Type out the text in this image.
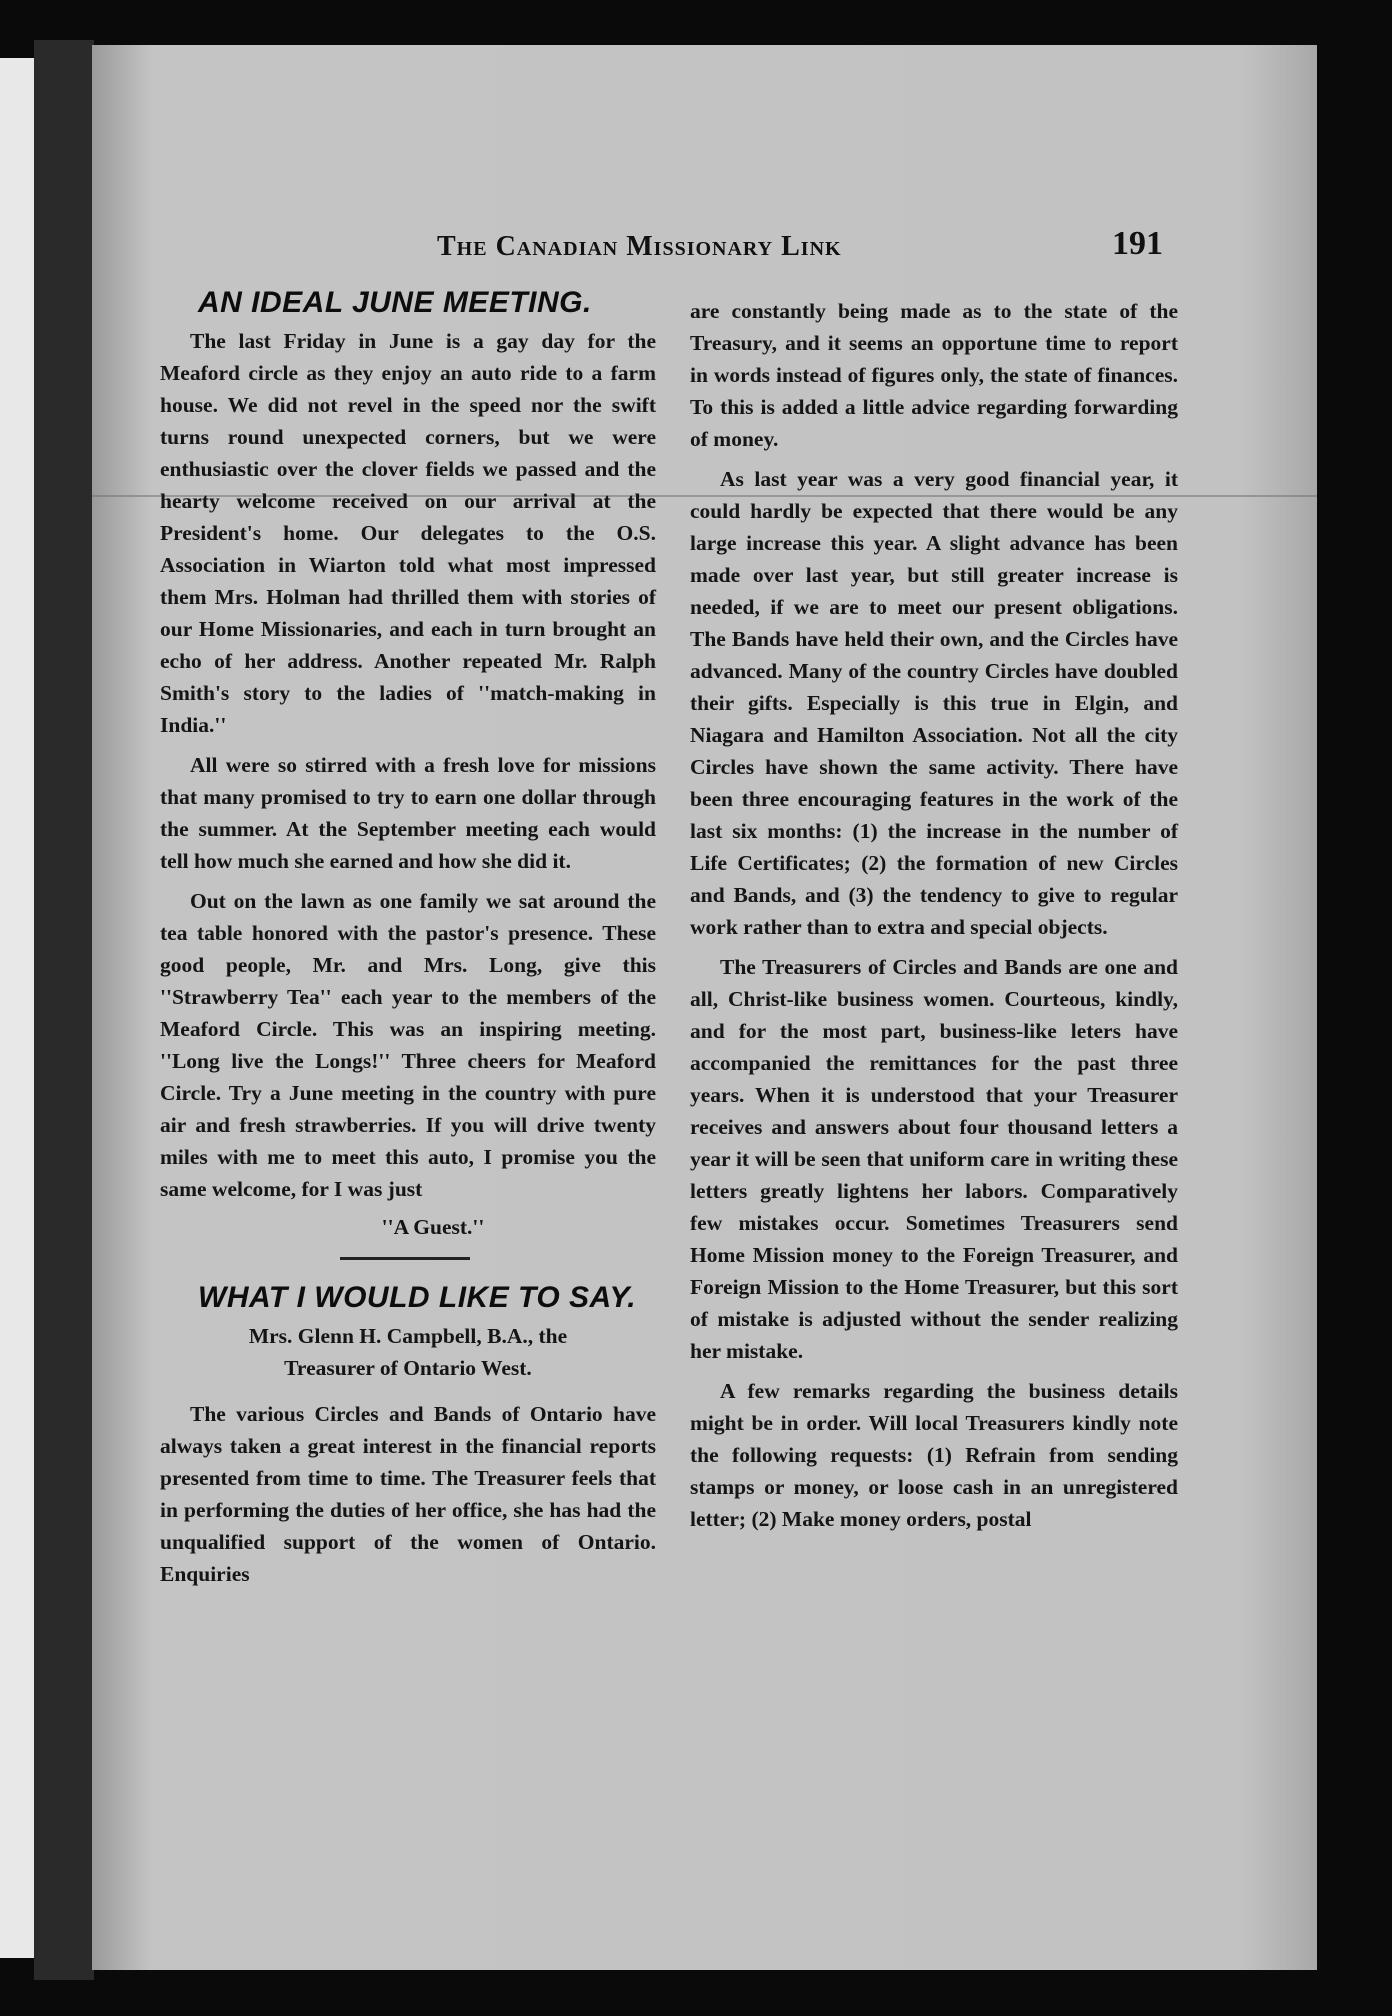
The Canadian Missionary Link	191
AN IDEAL JUNE MEETING.

The last Friday in June is a gay day for the Meaford circle as they enjoy an auto ride to a farm house. We did not revel in the speed nor the swift turns round unexpected corners, but we were enthusiastic over the clover fields we passed and the hearty welcome received on our arrival at the President's home. Our delegates to the O.S. Association in Wiarton told what most impressed them Mrs. Holman had thrilled them with stories of our Home Missionaries, and each in turn brought an echo of her address. Another repeated Mr. Ralph Smith's story to the ladies of ''match-making in India.''

All were so stirred with a fresh love for missions that many promised to try to earn one dollar through the summer. At the September meeting each would tell how much she earned and how she did it.

Out on the lawn as one family we sat around the tea table honored with the pastor's presence. These good people, Mr. and Mrs. Long, give this ''Strawberry Tea'' each year to the members of the Meaford Circle. This was an inspiring meeting. ''Long live the Longs!'' Three cheers for Meaford Circle. Try a June meeting in the country with pure air and fresh strawberries. If you will drive twenty miles with me to meet this auto, I promise you the same welcome, for I was just

''A Guest.''
WHAT I WOULD LIKE TO SAY.
Mrs. Glenn H. Campbell, B.A., the
Treasurer of Ontario West.

The various Circles and Bands of Ontario have always taken a great interest in the financial reports presented from time to time. The Treasurer feels that in performing the duties of her office, she has had the unqualified support of the women of Ontario. Enquiries

are constantly being made as to the state of the Treasury, and it seems an opportune time to report in words instead of figures only, the state of finances. To this is added a little advice regarding forwarding of money.

As last year was a very good financial year, it could hardly be expected that there would be any large increase this year. A slight advance has been made over last year, but still greater increase is needed, if we are to meet our present obligations. The Bands have held their own, and the Circles have advanced. Many of the country Circles have doubled their gifts. Especially is this true in Elgin, and Niagara and Hamilton Association. Not all the city Circles have shown the same activity. There have been three encouraging features in the work of the last six months: (1) the increase in the number of Life Certificates; (2) the formation of new Circles and Bands, and (3) the tendency to give to regular work rather than to extra and special objects.

The Treasurers of Circles and Bands are one and all, Christ-like business women. Courteous, kindly, and for the most part, business-like leters have accompanied the remittances for the past three years. When it is understood that your Treasurer receives and answers about four thousand letters a year it will be seen that uniform care in writing these letters greatly lightens her labors. Comparatively few mistakes occur. Sometimes Treasurers send Home Mission money to the Foreign Treasurer, and Foreign Mission to the Home Treasurer, but this sort of mistake is adjusted without the sender realizing her mistake.

A few remarks regarding the business details might be in order. Will local Treasurers kindly note the following requests: (1) Refrain from sending stamps or money, or loose cash in an unregistered letter; (2) Make money orders, postal
